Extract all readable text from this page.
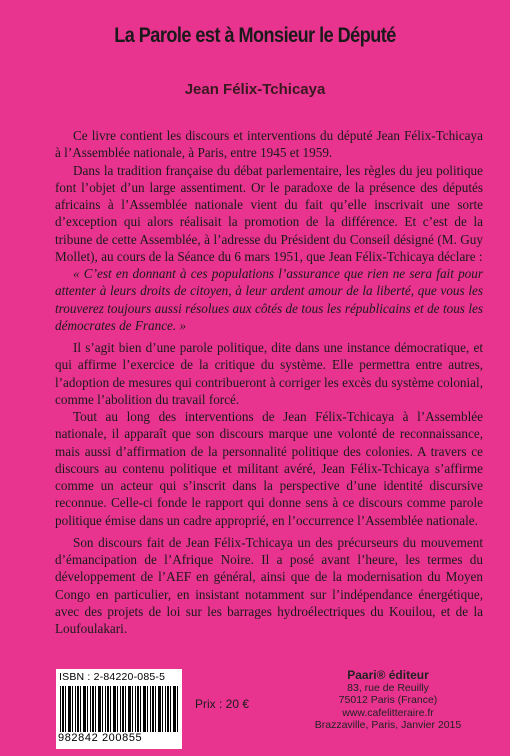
La Parole est à Monsieur le Député
Jean Félix-Tchicaya

Ce livre contient les discours et interventions du député Jean Félix-Tchicaya à l’Assemblée nationale, à Paris, entre 1945 et 1959.

Dans la tradition française du débat parlementaire, les règles du jeu politique font l’objet d’un large assentiment. Or le paradoxe de la présence des députés africains à l’Assemblée nationale vient du fait qu’elle inscrivait une sorte d’exception qui alors réalisait la promotion de la différence. Et c’est de la tribune de cette Assemblée, à l’adresse du Président du Conseil désigné (M. Guy Mollet), au cours de la Séance du 6 mars 1951, que Jean Félix-Tchicaya déclare :

« C’est en donnant à ces populations l’assurance que rien ne sera fait pour attenter à leurs droits de citoyen, à leur ardent amour de la liberté, que vous les trouverez toujours aussi résolues aux côtés de tous les républicains et de tous les démocrates de France. »

Il s’agit bien d’une parole politique, dite dans une instance démocratique, et qui affirme l’exercice de la critique du système. Elle permettra entre autres, l’adoption de mesures qui contribueront à corriger les excès du système colonial, comme l’abolition du travail forcé.

Tout au long des interventions de Jean Félix-Tchicaya à l’Assemblée nationale, il apparaît que son discours marque une volonté de reconnaissance, mais aussi d’affirmation de la personnalité politique des colonies. A travers ce discours au contenu politique et militant avéré, Jean Félix-Tchicaya s’affirme comme un acteur qui s’inscrit dans la perspective d’une identité discursive reconnue. Celle-ci fonde le rapport qui donne sens à ce discours comme parole politique émise dans un cadre approprié, en l’occurrence l’Assemblée nationale.

Son discours fait de Jean Félix-Tchicaya un des précurseurs du mouvement d’émancipation de l’Afrique Noire. Il a posé avant l’heure, les termes du développement de l’AEF en général, ainsi que de la modernisation du Moyen Congo en particulier, en insistant notamment sur l’indépendance énergétique, avec des projets de loi sur les barrages hydroélectriques du Kouilou, et de la Loufoulakari.

ISBN : 2-84220-085-5
982842 200855
Prix : 20 €
Paari® éditeur
83, rue de Reuilly
75012 Paris (France)
www.cafelitteraire.fr
Brazzaville, Paris, Janvier 2015
